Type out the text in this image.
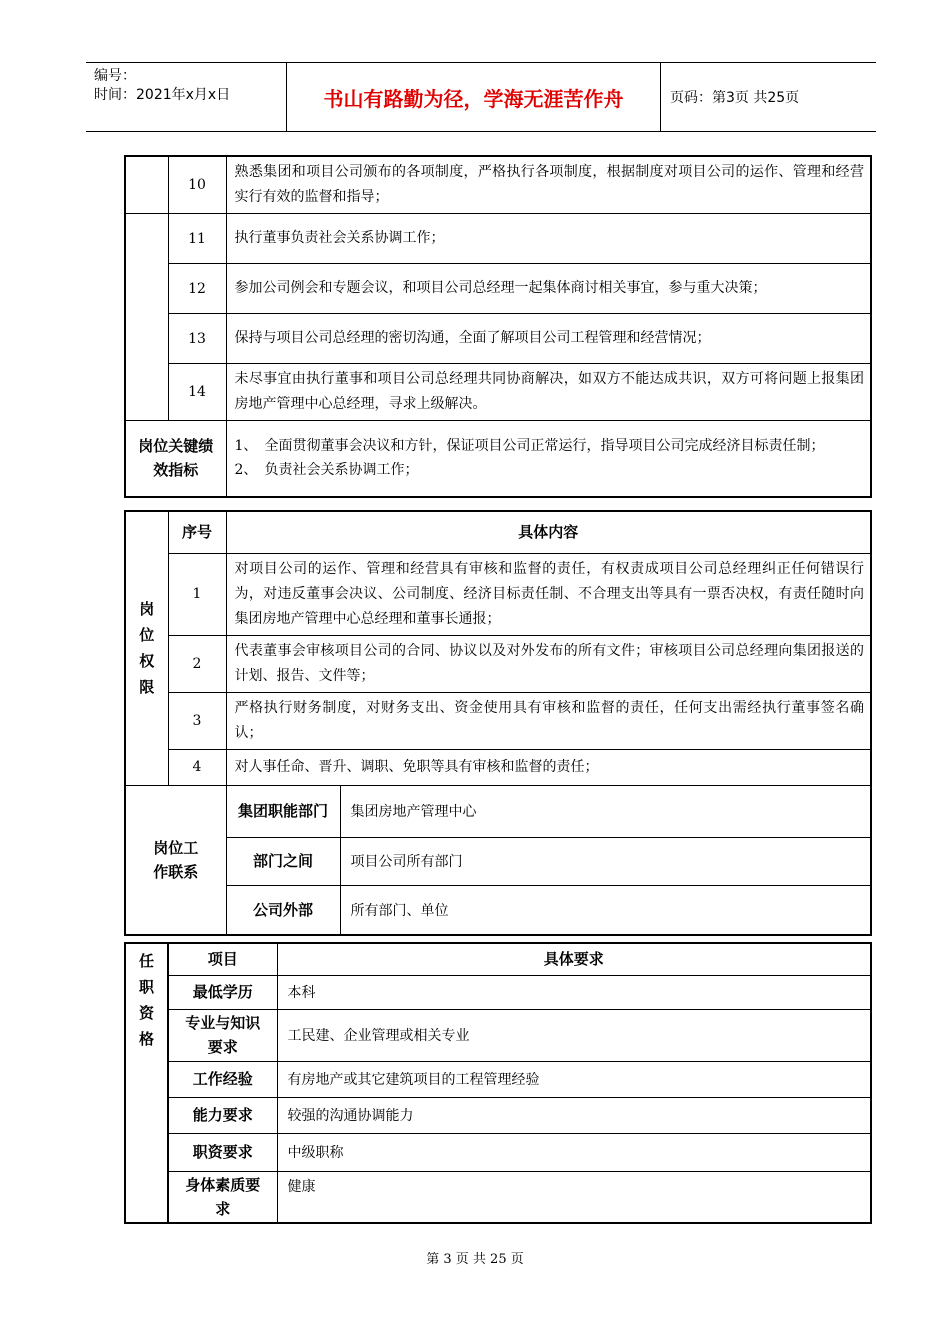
编号：
时间：2021年x月x日	书山有路勤为径，学海无涯苦作舟	页码：第3页 共25页
	10	熟悉集团和项目公司颁布的各项制度，严格执行各项制度，根据制度对项目公司的运作、管理和经营实行有效的监督和指导；
	11	执行董事负责社会关系协调工作；
	12	参加公司例会和专题会议，和项目公司总经理一起集体商讨相关事宜，参与重大决策；
	13	保持与项目公司总经理的密切沟通，全面了解项目公司工程管理和经营情况；
	14	未尽事宜由执行董事和项目公司总经理共同协商解决，如双方不能达成共识，双方可将问题上报集团房地产管理中心总经理，寻求上级解决。
岗位关键绩效指标		1、 全面贯彻董事会决议和方针，保证项目公司正常运行，指导项目公司完成经济目标责任制；
2、 负责社会关系协调工作；
岗位权限	序号	具体内容	
	1	对项目公司的运作、管理和经营具有审核和监督的责任，有权责成项目公司总经理纠正任何错误行为，对违反董事会决议、公司制度、经济目标责任制、不合理支出等具有一票否决权，有责任随时向集团房地产管理中心总经理和董事长通报；	
	2	代表董事会审核项目公司的合同、协议以及对外发布的所有文件；审核项目公司总经理向集团报送的计划、报告、文件等；	
	3	严格执行财务制度，对财务支出、资金使用具有审核和监督的责任，任何支出需经执行董事签名确认；	
	4	对人事任命、晋升、调职、免职等具有审核和监督的责任；	
岗位工作联系		集团职能部门	集团房地产管理中心
		部门之间	项目公司所有部门
		公司外部	所有部门、单位
任职资格	项目	具体要求
	最低学历	本科
	专业与知识要求	工民建、企业管理或相关专业
	工作经验	有房地产或其它建筑项目的工程管理经验
	能力要求	较强的沟通协调能力
	职资要求	中级职称
	身体素质要求	健康
第 3 页 共 25 页
